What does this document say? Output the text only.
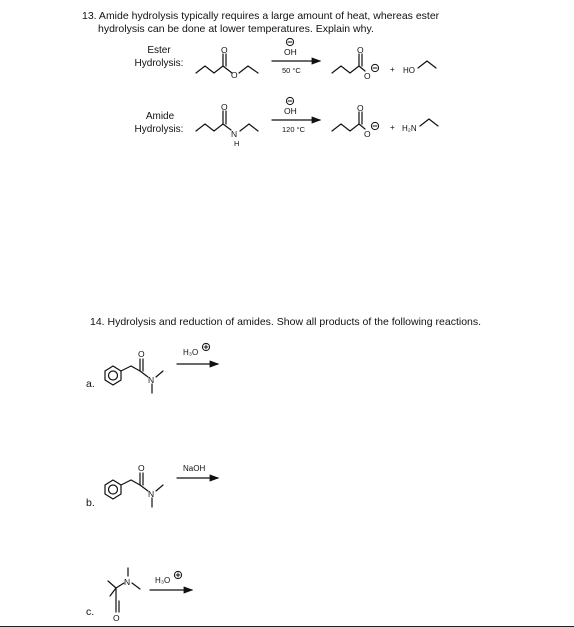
13. Amide hydrolysis typically requires a large amount of heat, whereas ester
hydrolysis can be done at lower temperatures. Explain why.
Ester
Hydrolysis:
Amide
Hydrolysis:
14. Hydrolysis and reduction of amides. Show all products of the following reactions.
a.
b.
c.
O
O
OH
50 °C
O
O
+ HO
O
N
H
OH
120 °C
O
O
+ H₂N
O
N
H₃O
O
N
NaOH
O
N	H₃O
